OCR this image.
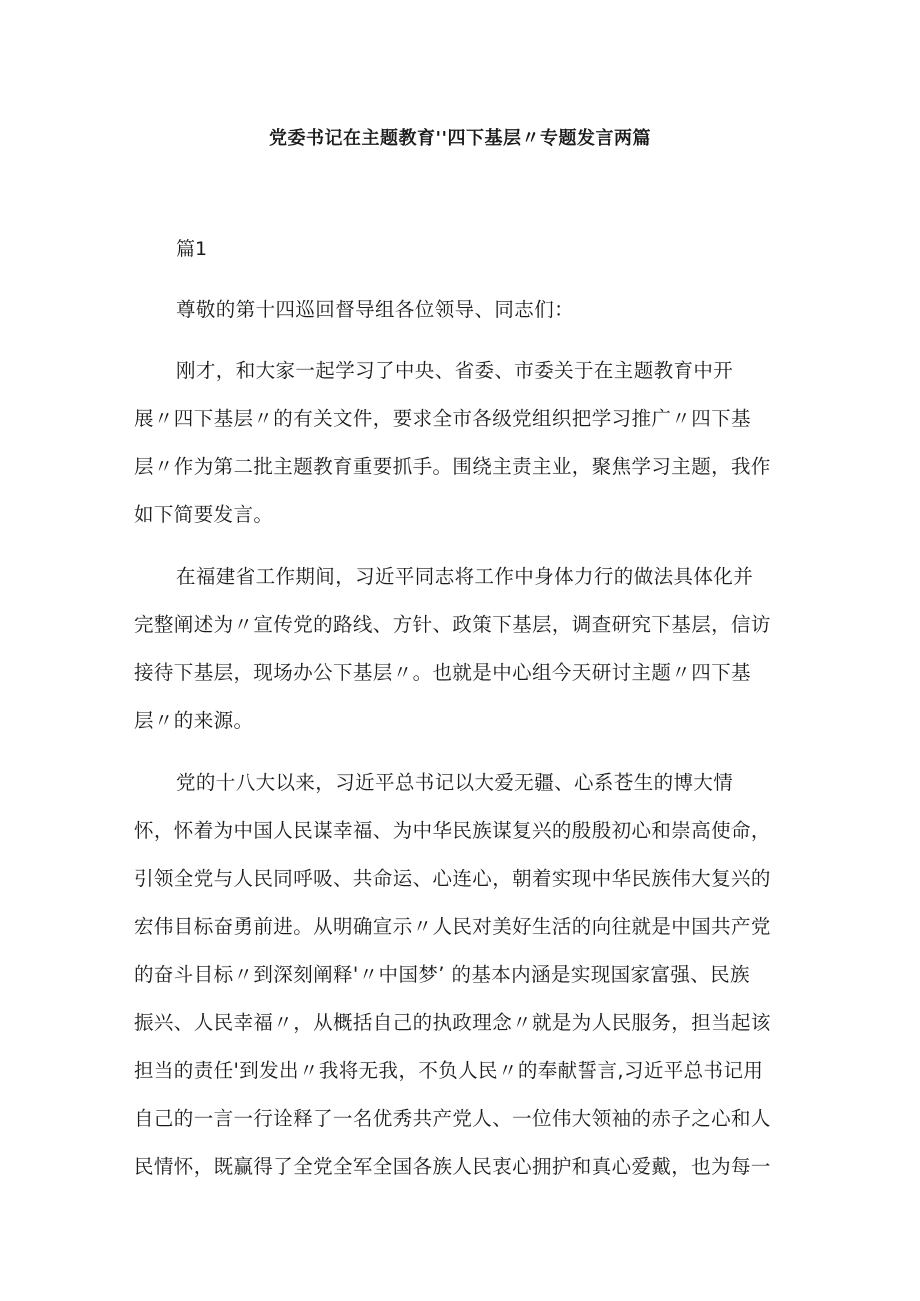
党委书记在主题教育''四下基层〃专题发言两篇
篇1
尊敬的第十四巡回督导组各位领导、同志们：
刚才，和大家一起学习了中央、省委、市委关于在主题教育中开
展〃四下基层〃的有关文件，要求全市各级党组织把学习推广〃四下基
层〃作为第二批主题教育重要抓手。围绕主责主业，聚焦学习主题，我作
如下简要发言。
在福建省工作期间，习近平同志将工作中身体力行的做法具体化并
完整阐述为〃宣传党的路线、方针、政策下基层，调查研究下基层，信访
接待下基层，现场办公下基层〃。也就是中心组今天研讨主题〃四下基
层〃的来源。
党的十八大以来，习近平总书记以大爱无疆、心系苍生的博大情
怀，怀着为中国人民谋幸福、为中华民族谋复兴的殷殷初心和崇高使命，
引领全党与人民同呼吸、共命运、心连心，朝着实现中华民族伟大复兴的
宏伟目标奋勇前进。从明确宣示〃人民对美好生活的向往就是中国共产党
的奋斗目标〃到深刻阐释'〃中国梦’ 的基本内涵是实现国家富强、民族
振兴、人民幸福〃，从概括自己的执政理念〃就是为人民服务，担当起该
担当的责任'到发出〃我将无我，不负人民〃的奉献誓言,习近平总书记用
自己的一言一行诠释了一名优秀共产党人、一位伟大领袖的赤子之心和人
民情怀，既赢得了全党全军全国各族人民衷心拥护和真心爱戴，也为每一
